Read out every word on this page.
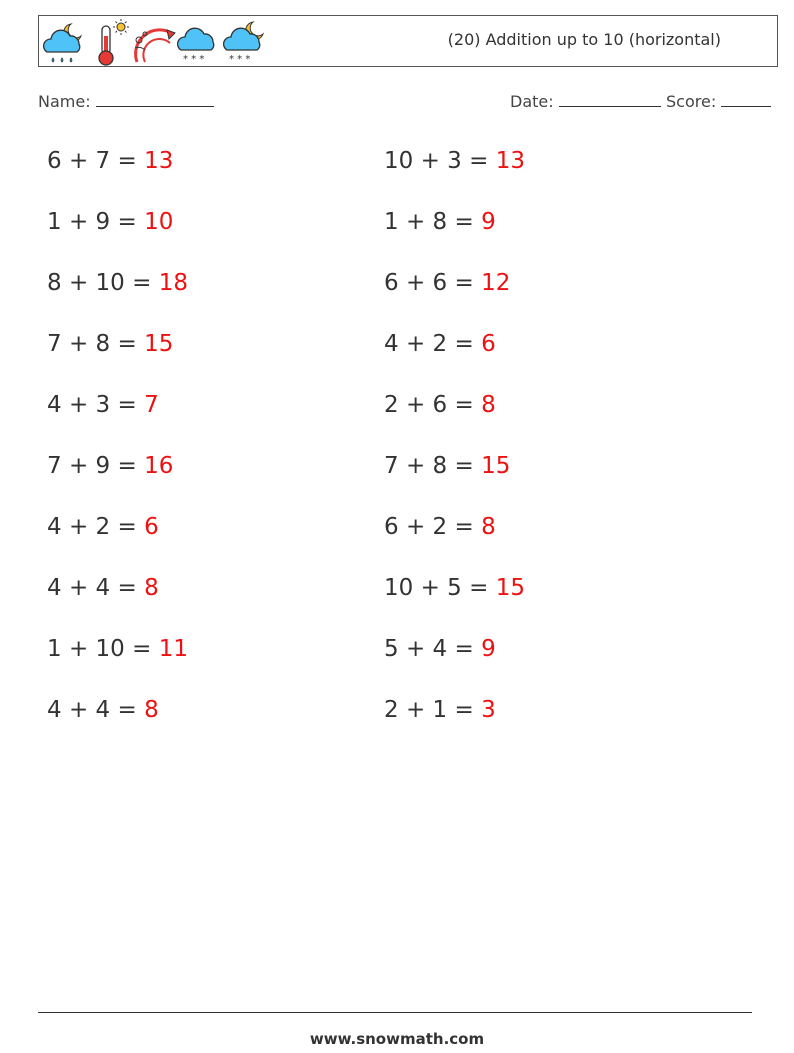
* * * * * *
(20) Addition up to 10 (horizontal)
Name:	Date:	Score:
6 + 7 = 13	10 + 3 = 13
1 + 9 = 10	1 + 8 = 9
8 + 10 = 18	6 + 6 = 12
7 + 8 = 15	4 + 2 = 6
4 + 3 = 7	2 + 6 = 8
7 + 9 = 16	7 + 8 = 15
4 + 2 = 6	6 + 2 = 8
4 + 4 = 8	10 + 5 = 15
1 + 10 = 11	5 + 4 = 9
4 + 4 = 8	2 + 1 = 3
www.snowmath.com
